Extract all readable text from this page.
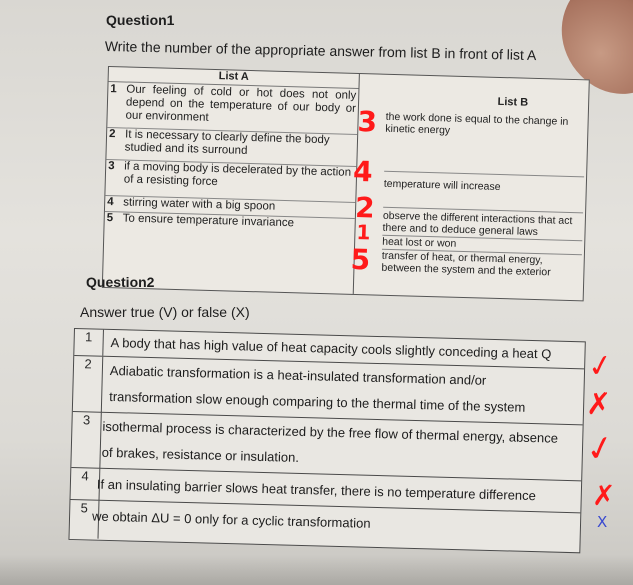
Question1
Write the number of the appropriate answer from list B in front of list A
List A
List B
1 Our feeling of cold or hot does not only depend on the temperature of our body or our environment
2 It is necessary to clearly define the body studied and its surround
3 if a moving body is decelerated by the action of a resisting force
4 stirring water with a big spoon
5 To ensure temperature invariance
the work done is equal to the change in kinetic energy
temperature will increase
observe the different interactions that act there and to deduce general laws
heat lost or won
transfer of heat, or thermal energy, between the system and the exterior
3
4
2
1
5
Question2
Answer true (V) or false (X)
1	A body that has high value of heat capacity cools slightly conceding a heat Q
2	Adiabatic transformation is a heat-insulated transformation and/or
transformation slow enough comparing to the thermal time of the system
3 isothermal process is characterized by the free flow of thermal energy, absence
of brakes, resistance or insulation.
4
If an insulating barrier slows heat transfer, there is no temperature difference
5
we obtain ΔU = 0 only for a cyclic transformation
✓
✗
✓
✗
X
